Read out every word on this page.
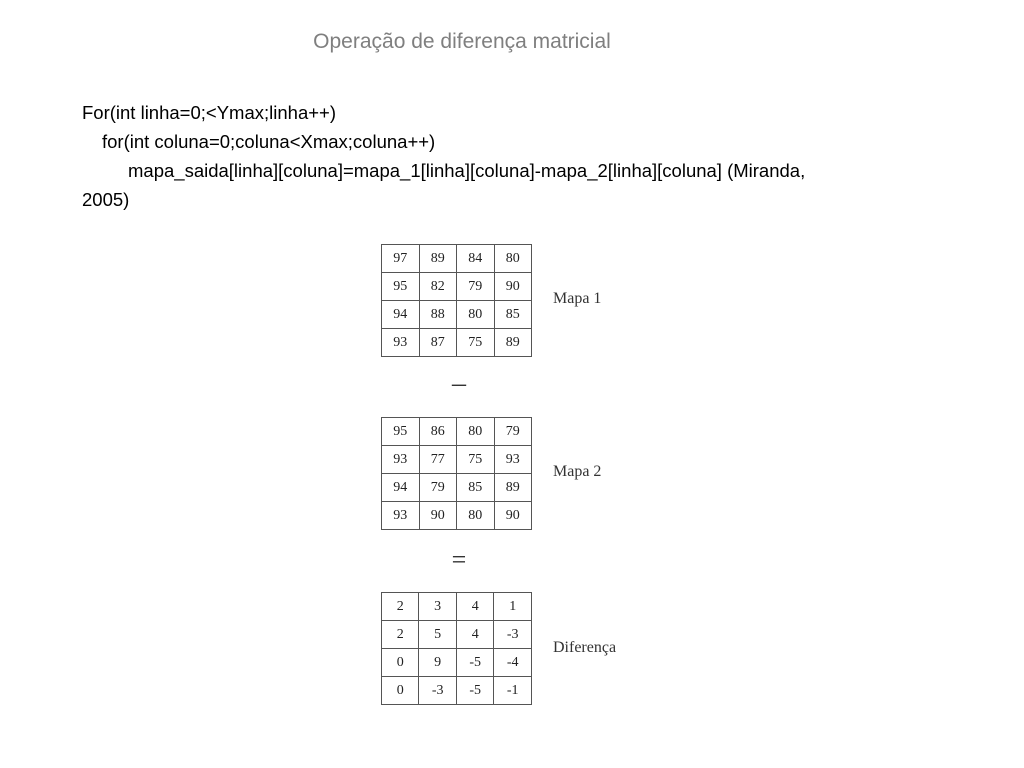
Operação de diferença matricial
For(int linha=0;<Ymax;linha++)
for(int coluna=0;coluna<Xmax;coluna++)
mapa_saida[linha][coluna]=mapa_1[linha][coluna]-mapa_2[linha][coluna] (Miranda,
2005)
97	89	84	80
95	82	79	90
94	88	80	85
93	87	75	89
Mapa 1
–
95	86	80	79
93	77	75	93
94	79	85	89
93	90	80	90
Mapa 2
=
2	3	4	1
2	5	4	-3
0	9	-5	-4
0	-3	-5	-1
Diferença
